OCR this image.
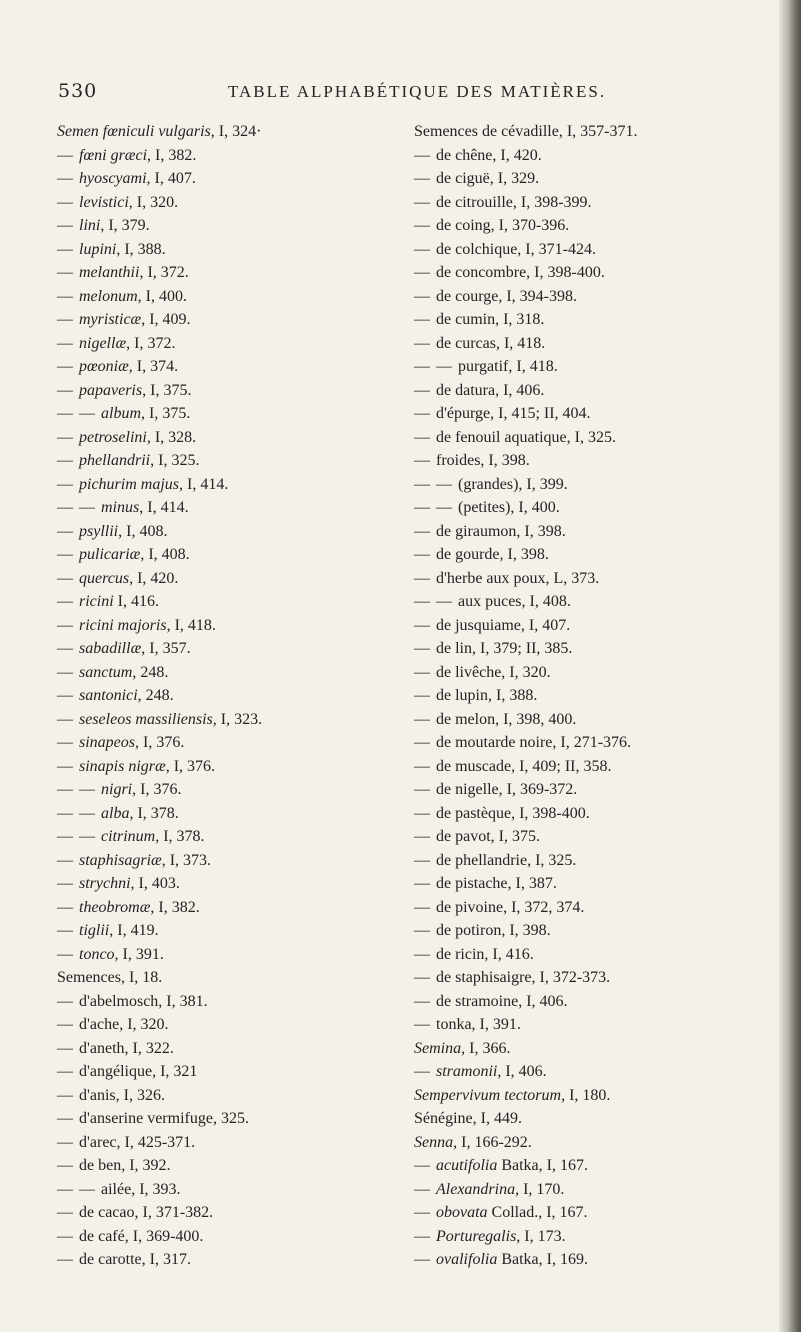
530	TABLE ALPHABÉTIQUE DES MATIÈRES.
Semen fœniculi vulgaris, I, 324·
— fœni græci, I, 382.
— hyoscyami, I, 407.
— levistici, I, 320.
— lini, I, 379.
— lupini, I, 388.
— melanthii, I, 372.
— melonum, I, 400.
— myristicæ, I, 409.
— nigellæ, I, 372.
— pœoniæ, I, 374.
— papaveris, I, 375.
— — album, I, 375.
— petroselini, I, 328.
— phellandrii, I, 325.
— pichurim majus, I, 414.
— — minus, I, 414.
— psyllii, I, 408.
— pulicariæ, I, 408.
— quercus, I, 420.
— ricini I, 416.
— ricini majoris, I, 418.
— sabadillæ, I, 357.
— sanctum, 248.
— santonici, 248.
— seseleos massiliensis, I, 323.
— sinapeos, I, 376.
— sinapis nigræ, I, 376.
— — nigri, I, 376.
— — alba, I, 378.
— — citrinum, I, 378.
— staphisagriæ, I, 373.
— strychni, I, 403.
— theobromæ, I, 382.
— tiglii, I, 419.
— tonco, I, 391.
Semences, I, 18.
— d'abelmosch, I, 381.
— d'ache, I, 320.
— d'aneth, I, 322.
— d'angélique, I, 321
— d'anis, I, 326.
— d'anserine vermifuge, 325.
— d'arec, I, 425-371.
— de ben, I, 392.
— — ailée, I, 393.
— de cacao, I, 371-382.
— de café, I, 369-400.
— de carotte, I, 317.
Semences de cévadille, I, 357-371.
— de chêne, I, 420.
— de ciguë, I, 329.
— de citrouille, I, 398-399.
— de coing, I, 370-396.
— de colchique, I, 371-424.
— de concombre, I, 398-400.
— de courge, I, 394-398.
— de cumin, I, 318.
— de curcas, I, 418.
— — purgatif, I, 418.
— de datura, I, 406.
— d'épurge, I, 415; II, 404.
— de fenouil aquatique, I, 325.
— froides, I, 398.
— — (grandes), I, 399.
— — (petites), I, 400.
— de giraumon, I, 398.
— de gourde, I, 398.
— d'herbe aux poux, L, 373.
— — aux puces, I, 408.
— de jusquiame, I, 407.
— de lin, I, 379; II, 385.
— de livêche, I, 320.
— de lupin, I, 388.
— de melon, I, 398, 400.
— de moutarde noire, I, 271-376.
— de muscade, I, 409; II, 358.
— de nigelle, I, 369-372.
— de pastèque, I, 398-400.
— de pavot, I, 375.
— de phellandrie, I, 325.
— de pistache, I, 387.
— de pivoine, I, 372, 374.
— de potiron, I, 398.
— de ricin, I, 416.
— de staphisaigre, I, 372-373.
— de stramoine, I, 406.
— tonka, I, 391.
Semina, I, 366.
— stramonii, I, 406.
Sempervivum tectorum, I, 180.
Sénégine, I, 449.
Senna, I, 166-292.
— acutifolia Batka, I, 167.
— Alexandrina, I, 170.
— obovata Collad., I, 167.
— Porturegalis, I, 173.
— ovalifolia Batka, I, 169.
